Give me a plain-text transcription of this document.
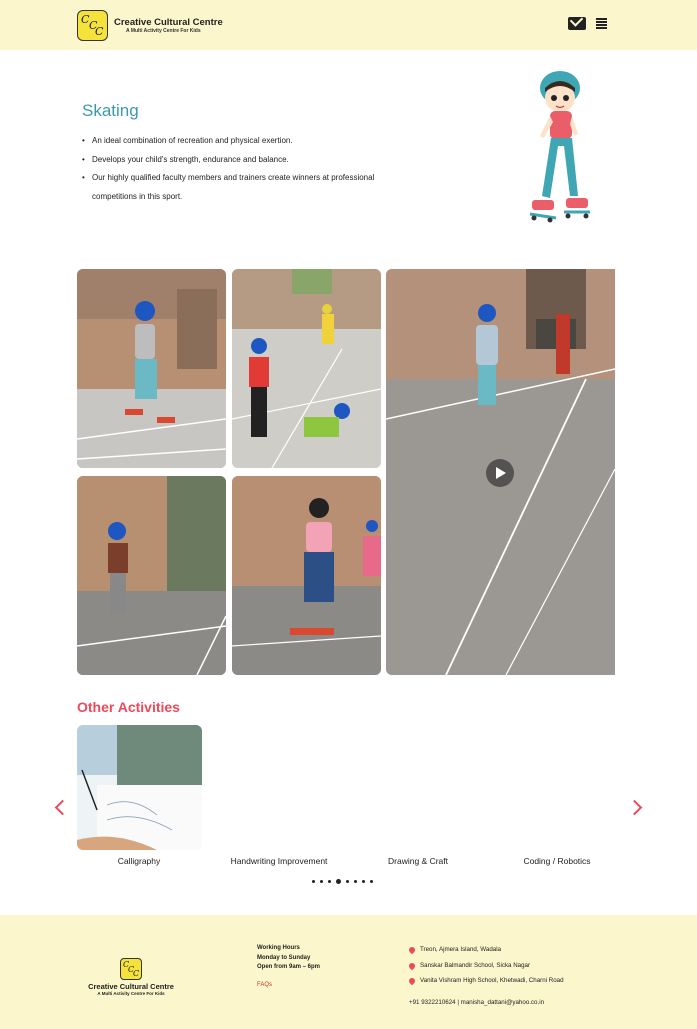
C C
C
Creative Cultural Centre
A Multi Activity Centre For Kids
Skating
• An ideal combination of recreation and physical exertion.
• Develops your child's strength, endurance and balance.
• Our highly qualified faculty members and trainers create winners at professional
competitions in this sport.
Other Activities
Calligraphy	Handwriting Improvement	Drawing & Craft	Coding / Robotics
C
C
C
Creative Cultural Centre
A Multi Activity Centre For Kids
Working Hours
Monday to Sunday
Open from 9am – 6pm
FAQs
Treon, Ajmera Island, Wadala
Sanskar Balmandir School, Sicka Nagar
Vanita Vishram High School, Khetwadi, Charni Road
+91 9322210624 | manisha_dattani@yahoo.co.in
